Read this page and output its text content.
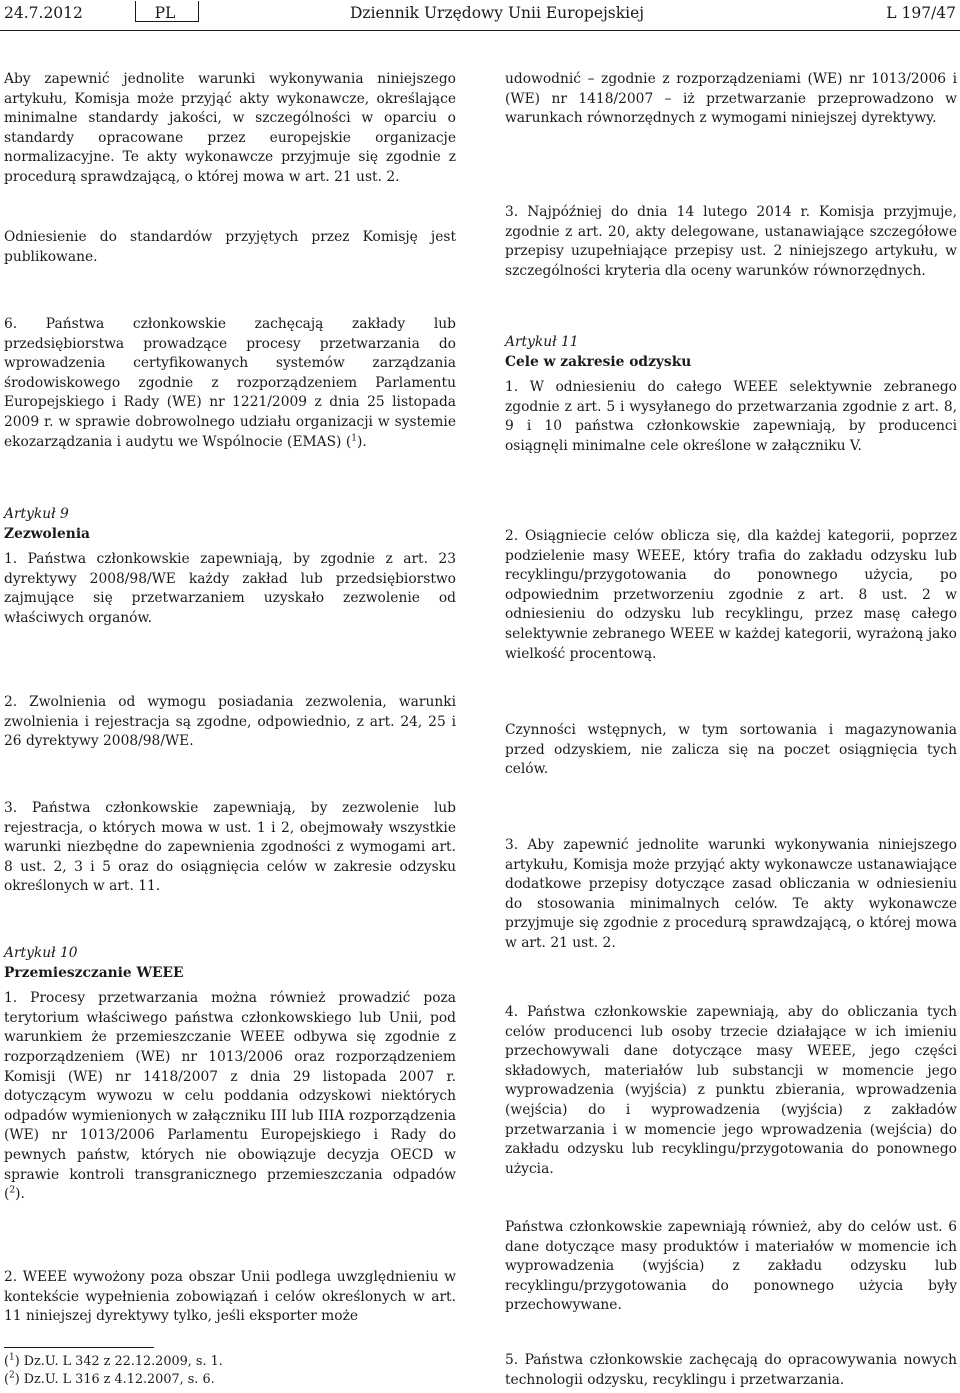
24.7.2012	PL	Dziennik Urzędowy Unii Europejskiej	L 197/47

Aby zapewnić jednolite warunki wykonywania niniejszego artykułu, Komisja może przyjąć akty wykonawcze, określające minimalne standardy jakości, w szczególności w oparciu o standardy opracowane przez europejskie organizacje normalizacyjne. Te akty wykonawcze przyjmuje się zgodnie z procedurą sprawdzającą, o której mowa w art. 21 ust. 2.

Odniesienie do standardów przyjętych przez Komisję jest publikowane.

6. Państwa członkowskie zachęcają zakłady lub przedsiębiorstwa prowadzące procesy przetwarzania do wprowadzenia certyfikowanych systemów zarządzania środowiskowego zgodnie z rozporządzeniem Parlamentu Europejskiego i Rady (WE) nr 1221/2009 z dnia 25 listopada 2009 r. w sprawie dobrowolnego udziału organizacji w systemie ekozarządzania i audytu we Wspólnocie (EMAS) ($^1$).

Artykuł 9

Zezwolenia

1. Państwa członkowskie zapewniają, by zgodnie z art. 23 dyrektywy 2008/98/WE każdy zakład lub przedsiębiorstwo zajmujące się przetwarzaniem uzyskało zezwolenie od właściwych organów.

2. Zwolnienia od wymogu posiadania zezwolenia, warunki zwolnienia i rejestracja są zgodne, odpowiednio, z art. 24, 25 i 26 dyrektywy 2008/98/WE.

3. Państwa członkowskie zapewniają, by zezwolenie lub rejestracja, o których mowa w ust. 1 i 2, obejmowały wszystkie warunki niezbędne do zapewnienia zgodności z wymogami art. 8 ust. 2, 3 i 5 oraz do osiągnięcia celów w zakresie odzysku określonych w art. 11.

Artykuł 10

Przemieszczanie WEEE

1. Procesy przetwarzania można również prowadzić poza terytorium właściwego państwa członkowskiego lub Unii, pod warunkiem że przemieszczanie WEEE odbywa się zgodnie z rozporządzeniem (WE) nr 1013/2006 oraz rozporządzeniem Komisji (WE) nr 1418/2007 z dnia 29 listopada 2007 r. dotyczącym wywozu w celu poddania odzyskowi niektórych odpadów wymienionych w załączniku III lub IIIA rozporządzenia (WE) nr 1013/2006 Parlamentu Europejskiego i Rady do pewnych państw, których nie obowiązuje decyzja OECD w sprawie kontroli transgranicznego przemieszczania odpadów ($^2$).

2. WEEE wywożony poza obszar Unii podlega uwzględnieniu w kontekście wypełnienia zobowiązań i celów określonych w art. 11 niniejszej dyrektywy tylko, jeśli eksporter może

udowodnić – zgodnie z rozporządzeniami (WE) nr 1013/2006 i (WE) nr 1418/2007 – iż przetwarzanie przeprowadzono w warunkach równorzędnych z wymogami niniejszej dyrektywy.

3. Najpóźniej do dnia 14 lutego 2014 r. Komisja przyjmuje, zgodnie z art. 20, akty delegowane, ustanawiające szczegółowe przepisy uzupełniające przepisy ust. 2 niniejszego artykułu, w szczególności kryteria dla oceny warunków równorzędnych.

Artykuł 11

Cele w zakresie odzysku

1. W odniesieniu do całego WEEE selektywnie zebranego zgodnie z art. 5 i wysyłanego do przetwarzania zgodnie z art. 8, 9 i 10 państwa członkowskie zapewniają, by producenci osiągnęli minimalne cele określone w załączniku V.

2. Osiągniecie celów oblicza się, dla każdej kategorii, poprzez podzielenie masy WEEE, który trafia do zakładu odzysku lub recyklingu/przygotowania do ponownego użycia, po odpowiednim przetworzeniu zgodnie z art. 8 ust. 2 w odniesieniu do odzysku lub recyklingu, przez masę całego selektywnie zebranego WEEE w każdej kategorii, wyrażoną jako wielkość procentową.

Czynności wstępnych, w tym sortowania i magazynowania przed odzyskiem, nie zalicza się na poczet osiągnięcia tych celów.

3. Aby zapewnić jednolite warunki wykonywania niniejszego artykułu, Komisja może przyjąć akty wykonawcze ustanawiające dodatkowe przepisy dotyczące zasad obliczania w odniesieniu do stosowania minimalnych celów. Te akty wykonawcze przyjmuje się zgodnie z procedurą sprawdzającą, o której mowa w art. 21 ust. 2.

4. Państwa członkowskie zapewniają, aby do obliczania tych celów producenci lub osoby trzecie działające w ich imieniu przechowywali dane dotyczące masy WEEE, jego części składowych, materiałów lub substancji w momencie jego wyprowadzenia (wyjścia) z punktu zbierania, wprowadzenia (wejścia) do i wyprowadzenia (wyjścia) z zakładów przetwarzania i w momencie jego wprowadzenia (wejścia) do zakładu odzysku lub recyklingu/przygotowania do ponownego użycia.

Państwa członkowskie zapewniają również, aby do celów ust. 6 dane dotyczące masy produktów i materiałów w momencie ich wyprowadzenia (wyjścia) z zakładu odzysku lub recyklingu/przygotowania do ponownego użycia były przechowywane.

5. Państwa członkowskie zachęcają do opracowywania nowych technologii odzysku, recyklingu i przetwarzania.

($^1$) Dz.U. L 342 z 22.12.2009, s. 1.
($^2$) Dz.U. L 316 z 4.12.2007, s. 6.
